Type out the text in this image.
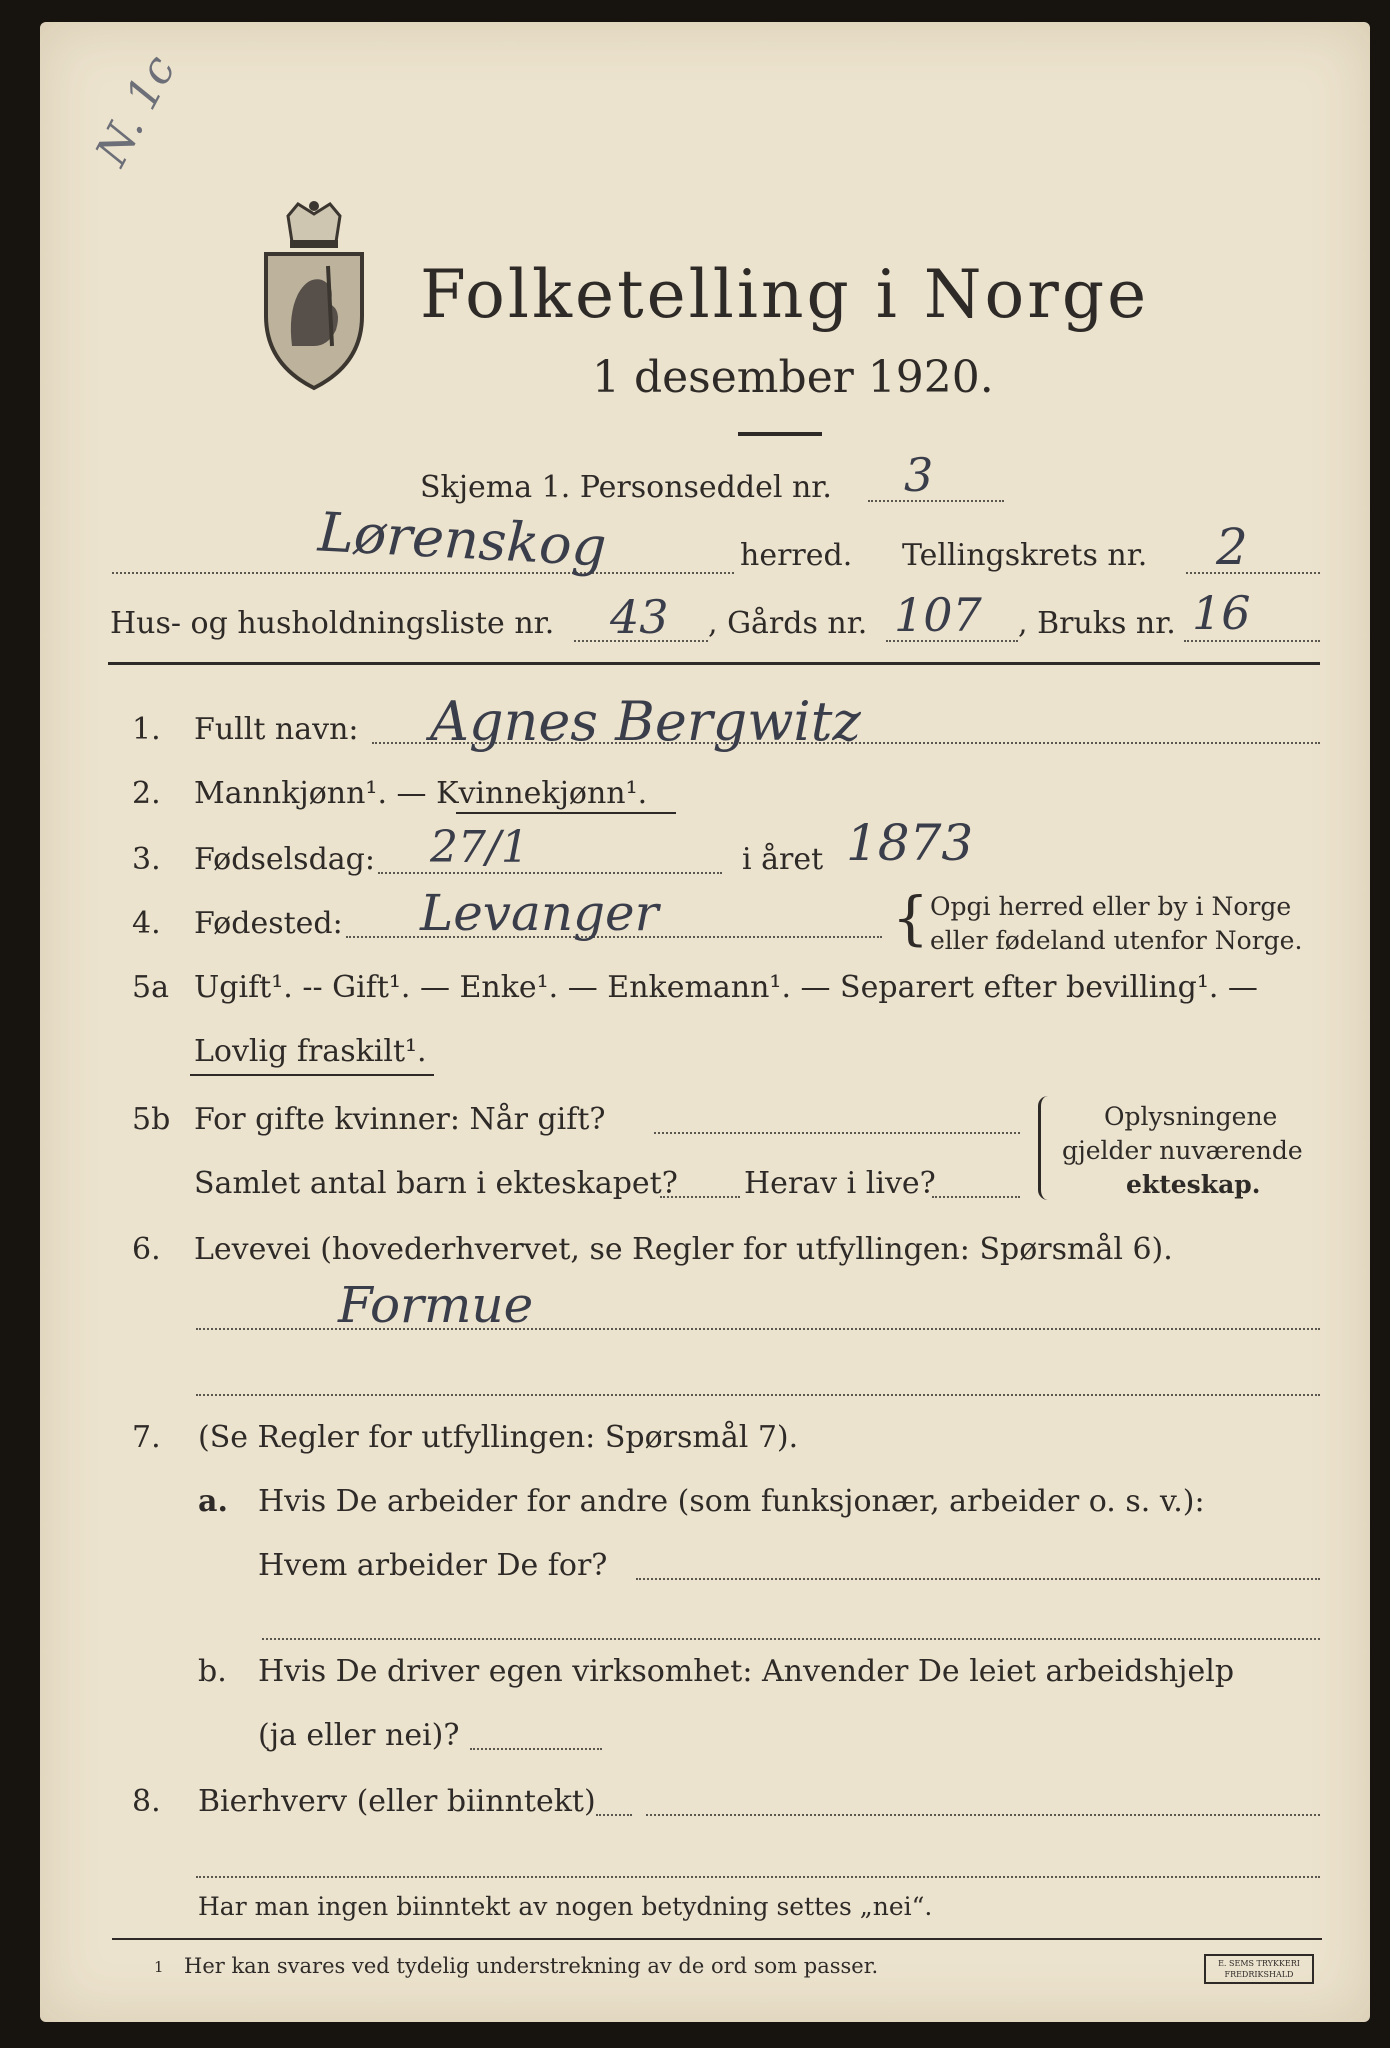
N. 1c
Folketelling i Norge
1 desember 1920.
Skjema 1. Personseddel nr. 3
Lørenskog	herred. Tellingskrets nr. 2
Hus- og husholdningsliste nr. 43 , Gårds nr. 107 , Bruks nr. 16
1. Fullt navn: Agnes Bergwitz
2. Mannkjønn¹. — Kvinnekjønn¹.
3. Fødselsdag: 27/1	i året 1873
4. Fødested: Levanger	{ Opgi herred eller by i Norge
eller fødeland utenfor Norge.
5a Ugift¹. -- Gift¹. — Enke¹. — Enkemann¹. — Separert efter bevilling¹. —
Lovlig fraskilt¹.
5b For gifte kvinner: Når gift?
Samlet antal barn i ekteskapet? Herav i live?
Oplysningene
gjelder nuværende
ekteskap.
6. Levevei (hovederhvervet, se Regler for utfyllingen: Spørsmål 6).
Formue
7. (Se Regler for utfyllingen: Spørsmål 7).
a. Hvis De arbeider for andre (som funksjonær, arbeider o. s. v.):
Hvem arbeider De for?
b. Hvis De driver egen virksomhet: Anvender De leiet arbeidshjelp
(ja eller nei)?
8. Bierhverv (eller biinntekt)
Har man ingen biinntekt av nogen betydning settes „nei“.
1 Her kan svares ved tydelig understrekning av de ord som passer.	E. SEMS TRYKKERI
FREDRIKSHALD
